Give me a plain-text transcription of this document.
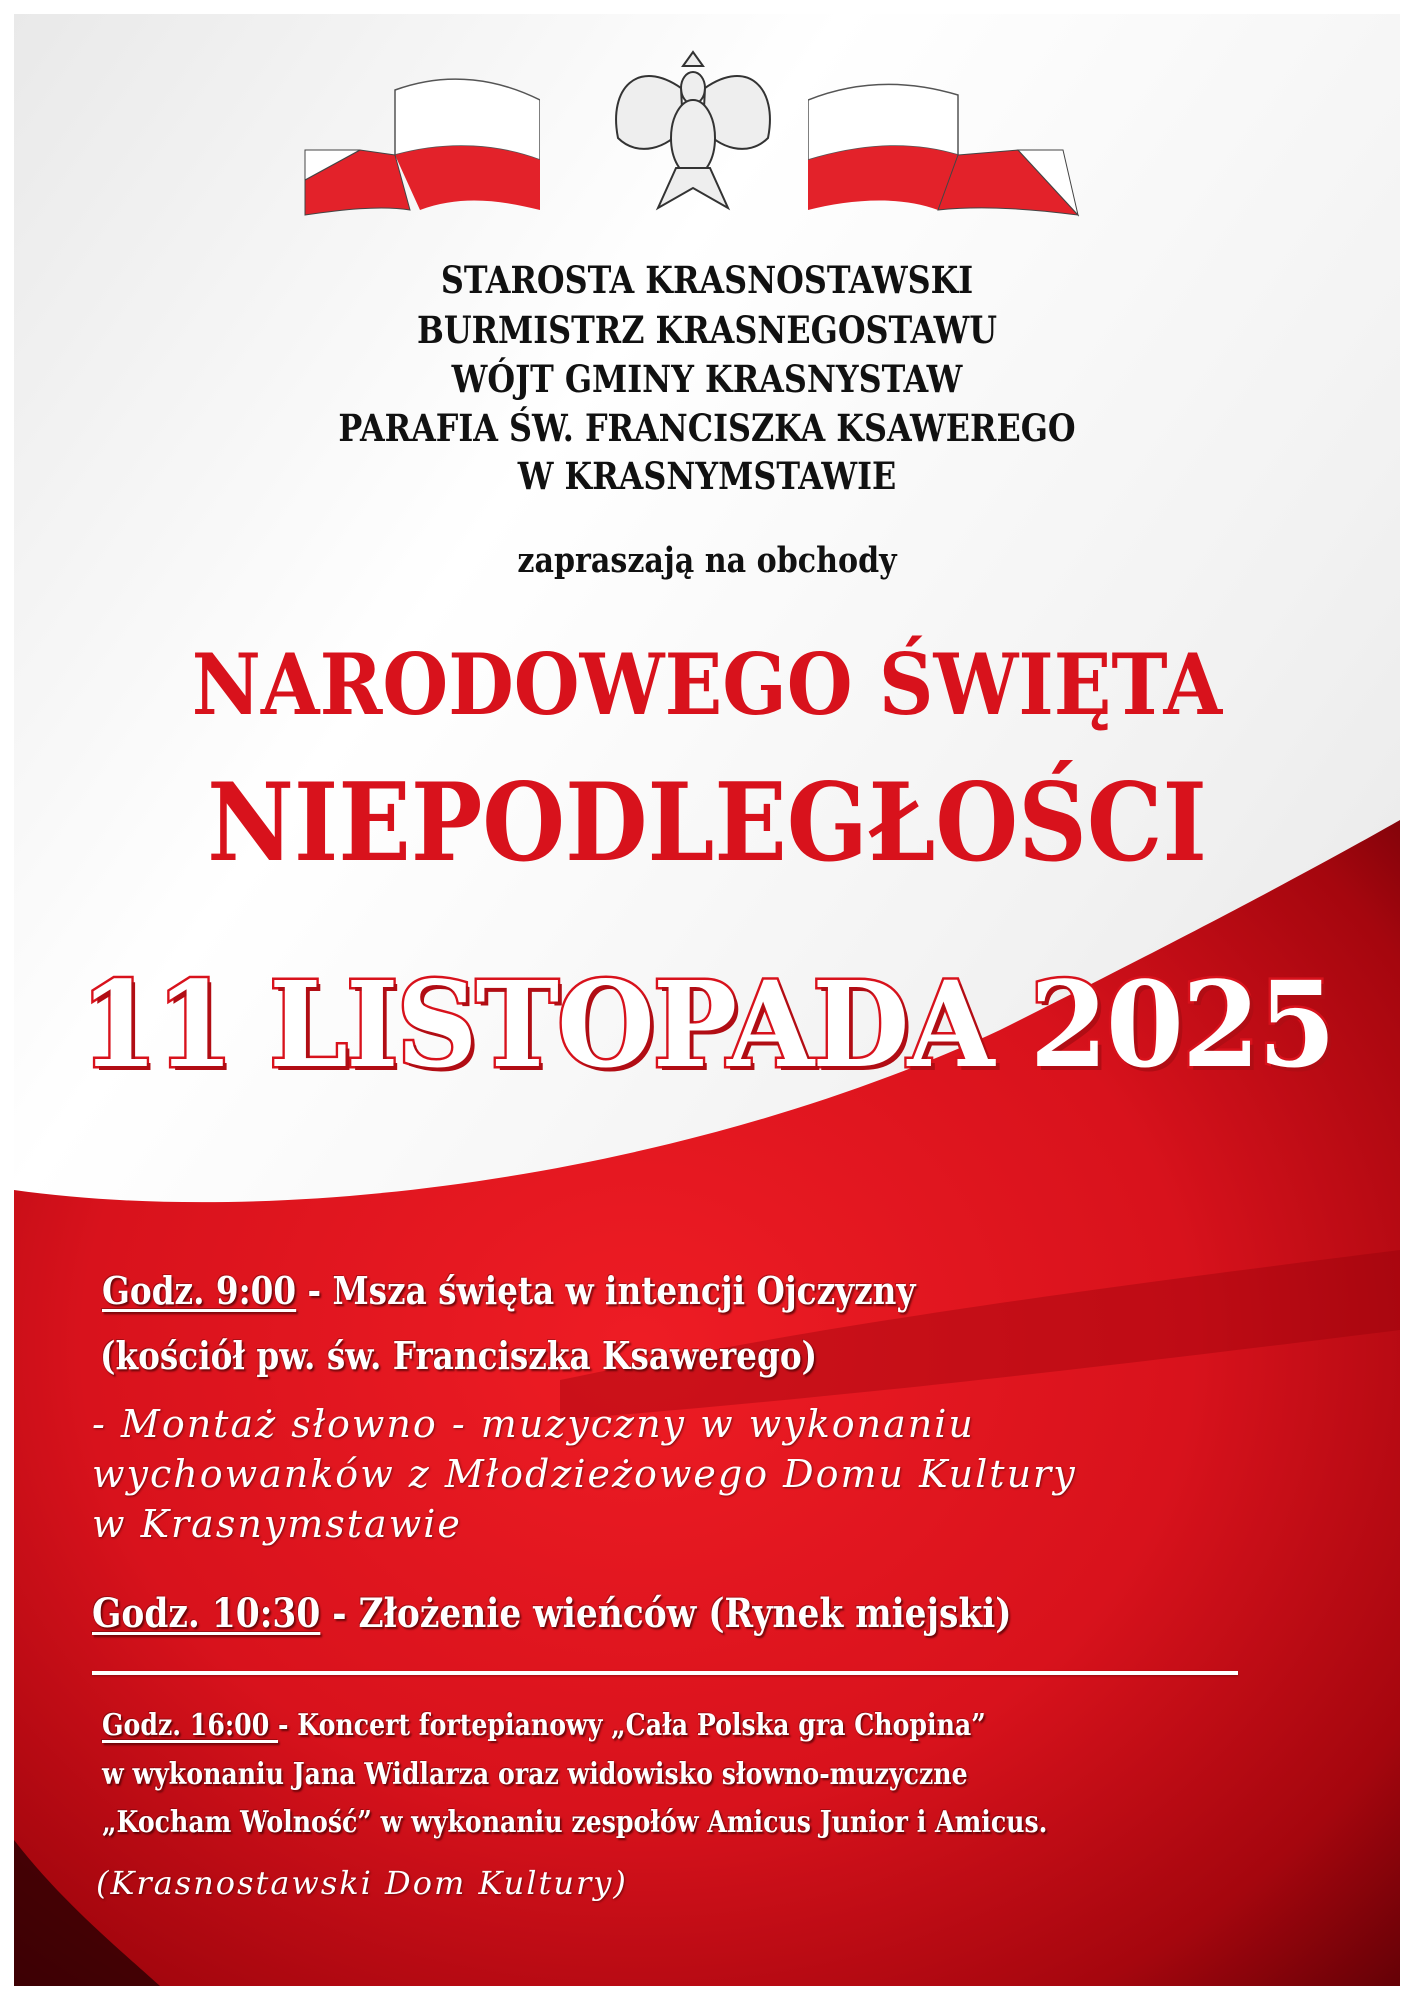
STAROSTA KRASNOSTAWSKI
BURMISTRZ KRASNEGOSTAWU
WÓJT GMINY KRASNYSTAW
PARAFIA ŚW. FRANCISZKA KSAWEREGO
W KRASNYMSTAWIE
zapraszają na obchody
NARODOWEGO ŚWIĘTA
NIEPODLEGŁOŚCI
11 LISTOPADA 2025
Godz. 9:00 - Msza święta w intencji Ojczyzny
(kościół pw. św. Franciszka Ksawerego)
- Montaż słowno - muzyczny w wykonaniu
wychowanków z Młodzieżowego Domu Kultury
w Krasnymstawie
Godz. 10:30 - Złożenie wieńców (Rynek miejski)
Godz. 16:00 - Koncert fortepianowy „Cała Polska gra Chopina”
w wykonaniu Jana Widlarza oraz widowisko słowno-muzyczne
„Kocham Wolność” w wykonaniu zespołów Amicus Junior i Amicus.
(Krasnostawski Dom Kultury)
